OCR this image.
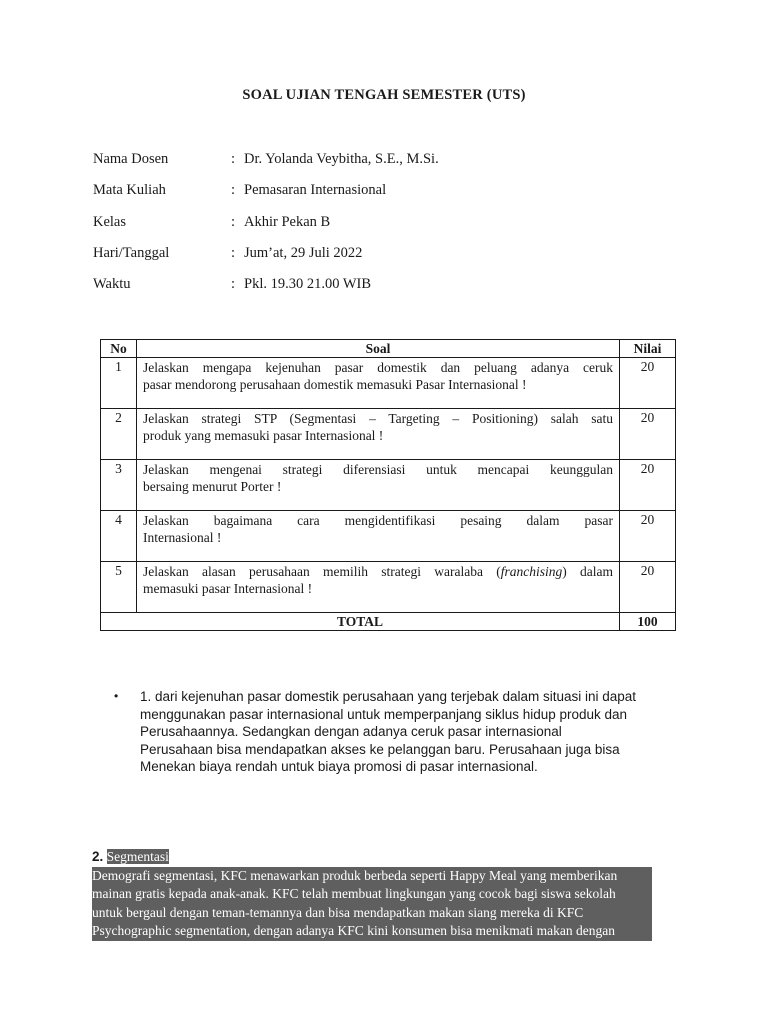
SOAL UJIAN TENGAH SEMESTER (UTS)
Nama Dosen	: Dr. Yolanda Veybitha, S.E., M.Si.
Mata Kuliah	: Pemasaran Internasional
Kelas	: Akhir Pekan B
Hari/Tanggal	: Jum’at, 29 Juli 2022
Waktu	: Pkl. 19.30 21.00 WIB
No	Soal	Nilai
1	Jelaskan mengapa kejenuhan pasar domestik dan peluang adanya ceruk
pasar mendorong perusahaan domestik memasuki Pasar Internasional !	20
2	Jelaskan strategi STP (Segmentasi – Targeting – Positioning) salah satu
produk yang memasuki pasar Internasional !	20
3	Jelaskan mengenai strategi diferensiasi untuk mencapai keunggulan
bersaing menurut Porter !	20
4	Jelaskan bagaimana cara mengidentifikasi pesaing dalam pasar
Internasional !	20
5	Jelaskan alasan perusahaan memilih strategi waralaba (franchising) dalam
memasuki pasar Internasional !	20
TOTAL		100
• 1. dari kejenuhan pasar domestik perusahaan yang terjebak dalam situasi ini dapat
menggunakan pasar internasional untuk memperpanjang siklus hidup produk dan
Perusahaannya. Sedangkan dengan adanya ceruk pasar internasional
Perusahaan bisa mendapatkan akses ke pelanggan baru. Perusahaan juga bisa
Menekan biaya rendah untuk biaya promosi di pasar internasional.
2. Segmentasi
Demografi segmentasi, KFC menawarkan produk berbeda seperti Happy Meal yang memberikan
mainan gratis kepada anak-anak. KFC telah membuat lingkungan yang cocok bagi siswa sekolah
untuk bergaul dengan teman-temannya dan bisa mendapatkan makan siang mereka di KFC
Psychographic segmentation, dengan adanya KFC kini konsumen bisa menikmati makan dengan
